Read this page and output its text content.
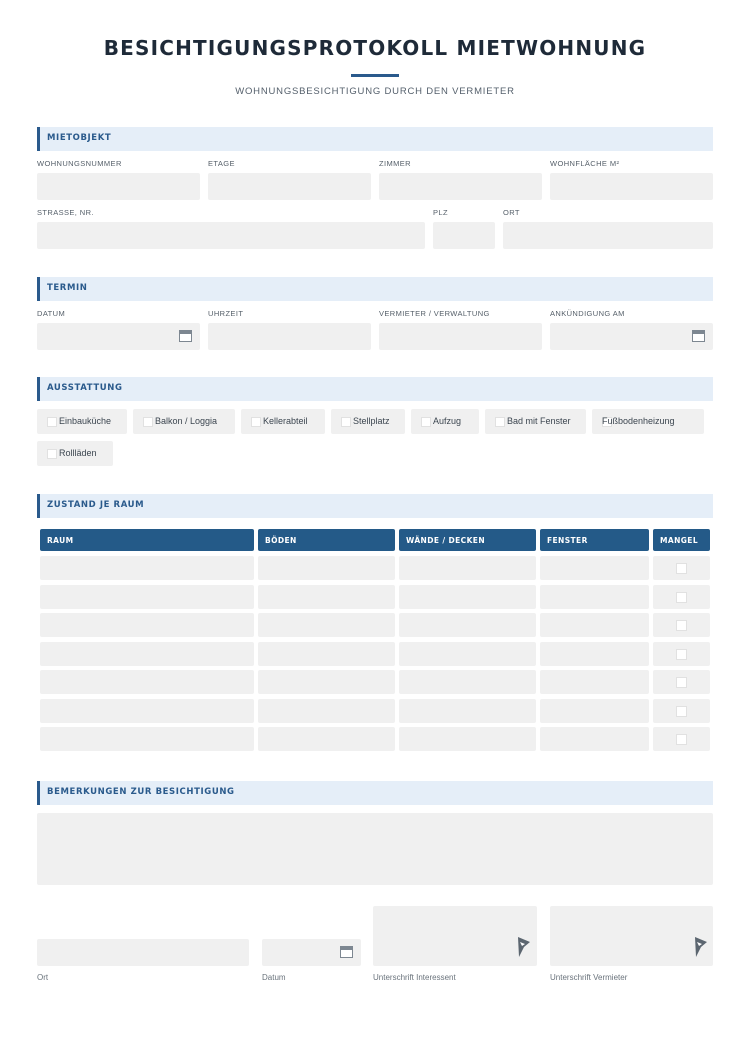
BESICHTIGUNGSPROTOKOLL MIETWOHNUNG
WOHNUNGSBESICHTIGUNG DURCH DEN VERMIETER
MIETOBJEKT
WOHNUNGSNUMMER	ETAGE	ZIMMER	WOHNFLÄCHE M²
STRASSE, NR.	PLZ	ORT
TERMIN
DATUM	UHRZEIT	VERMIETER / VERWALTUNG	ANKÜNDIGUNG AM
AUSSTATTUNG
Einbauküche	Balkon / Loggia	Kellerabteil	Stellplatz	Aufzug	Bad mit Fenster	Fußbodenheizung
Rollläden
ZUSTAND JE RAUM
RAUM	BÖDEN	WÄNDE / DECKEN	FENSTER	MANGEL
BEMERKUNGEN ZUR BESICHTIGUNG
Ort	Datum	Unterschrift Interessent	Unterschrift Vermieter
